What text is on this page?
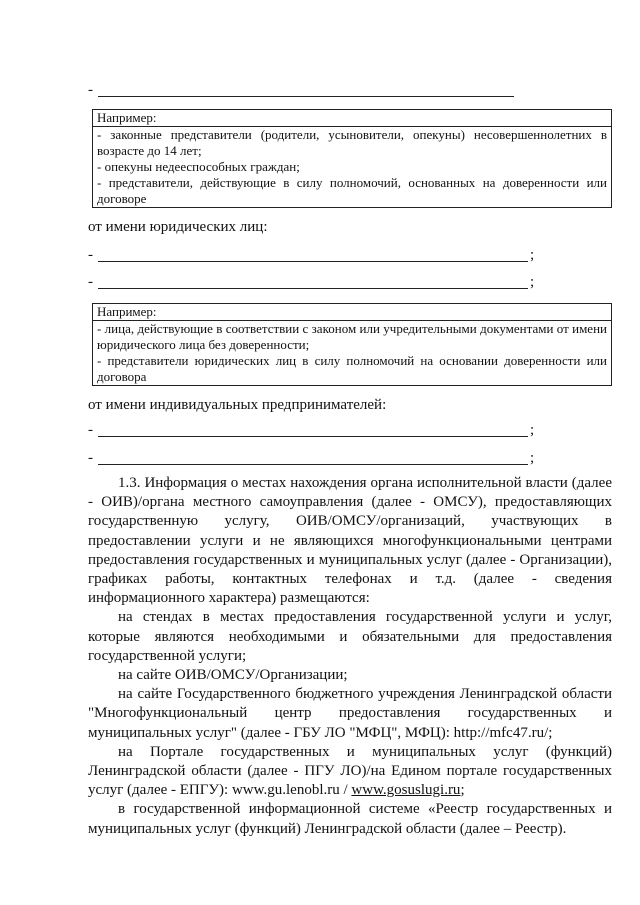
-
Например:

- законные представители (родители, усыновители, опекуны) несовершеннолетних в возрасте до 14 лет;

- опекуны недееспособных граждан;

- представители, действующие в силу полномочий, основанных на доверенности или договоре

от имени юридических лиц:
-	;
-	;
Например:

- лица, действующие в соответствии с законом или учредительными документами от имени юридического лица без доверенности;

- представители юридических лиц в силу полномочий на основании доверенности или договора

от имени индивидуальных предпринимателей:
-	;
-	;

1.3. Информация о местах нахождения органа исполнительной власти (далее - ОИВ)/органа местного самоуправления (далее - ОМСУ), предоставляющих государственную услугу, ОИВ/ОМСУ/организаций, участвующих в предоставлении услуги и не являющихся многофункциональными центрами предоставления государственных и муниципальных услуг (далее - Организации), графиках работы, контактных телефонах и т.д. (далее - сведения информационного характера) размещаются:

на стендах в местах предоставления государственной услуги и услуг, которые являются необходимыми и обязательными для предоставления государственной услуги;

на сайте ОИВ/ОМСУ/Организации;

на сайте Государственного бюджетного учреждения Ленинградской области "Многофункциональный центр предоставления государственных и муниципальных услуг" (далее - ГБУ ЛО "МФЦ", МФЦ): http://mfc47.ru/;

на Портале государственных и муниципальных услуг (функций) Ленинградской области (далее - ПГУ ЛО)/на Едином портале государственных услуг (далее - ЕПГУ): www.gu.lenobl.ru / www.gosuslugi.ru;

в государственной информационной системе «Реестр государственных и муниципальных услуг (функций) Ленинградской области (далее – Реестр).
